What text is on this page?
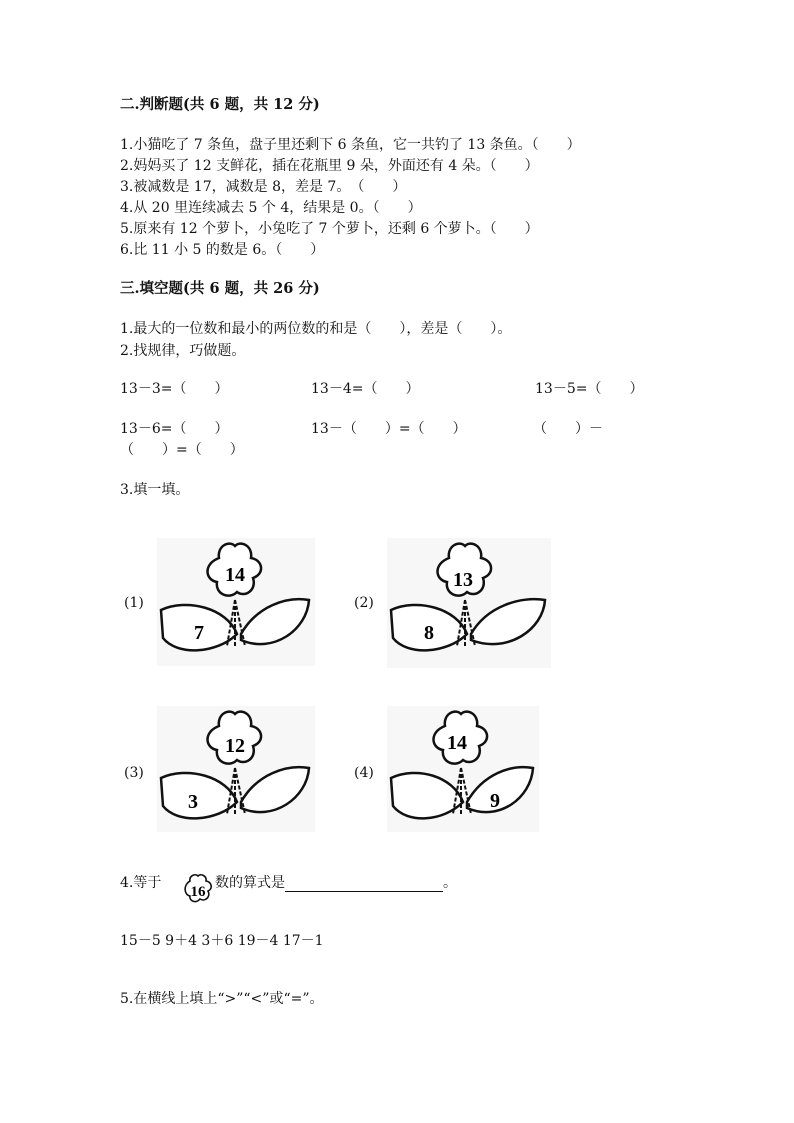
二.判断题(共 6 题，共 12 分)
1.小猫吃了 7 条鱼，盘子里还剩下 6 条鱼，它一共钓了 13 条鱼。（　　）
2.妈妈买了 12 支鲜花，插在花瓶里 9 朵，外面还有 4 朵。（　　）
3.被减数是 17，减数是 8，差是 7。　（　　）
4.从 20 里连续减去 5 个 4，结果是 0。（　　）
5.原来有 12 个萝卜，小兔吃了 7 个萝卜，还剩 6 个萝卜。（　　）
6.比 11 小 5 的数是 6。（　　）
三.填空题(共 6 题，共 26 分)
1.最大的一位数和最小的两位数的和是（　　），差是（　　）。
2.找规律，巧做题。
13－3=（　　）	13－4=（　　）	13－5=（　　）
13－6=（　　）	13－（　　）=（　　）	（　　）－
（　　）=（　　）
3.填一填。
(1)	(2)
(3)	(4)
14
7
13
8
12
3
14
9
4.等于
16
数的算式是	。
15－5 9＋4 3＋6 19－4 17－1
5.在横线上填上“>”“<”或“=”。
